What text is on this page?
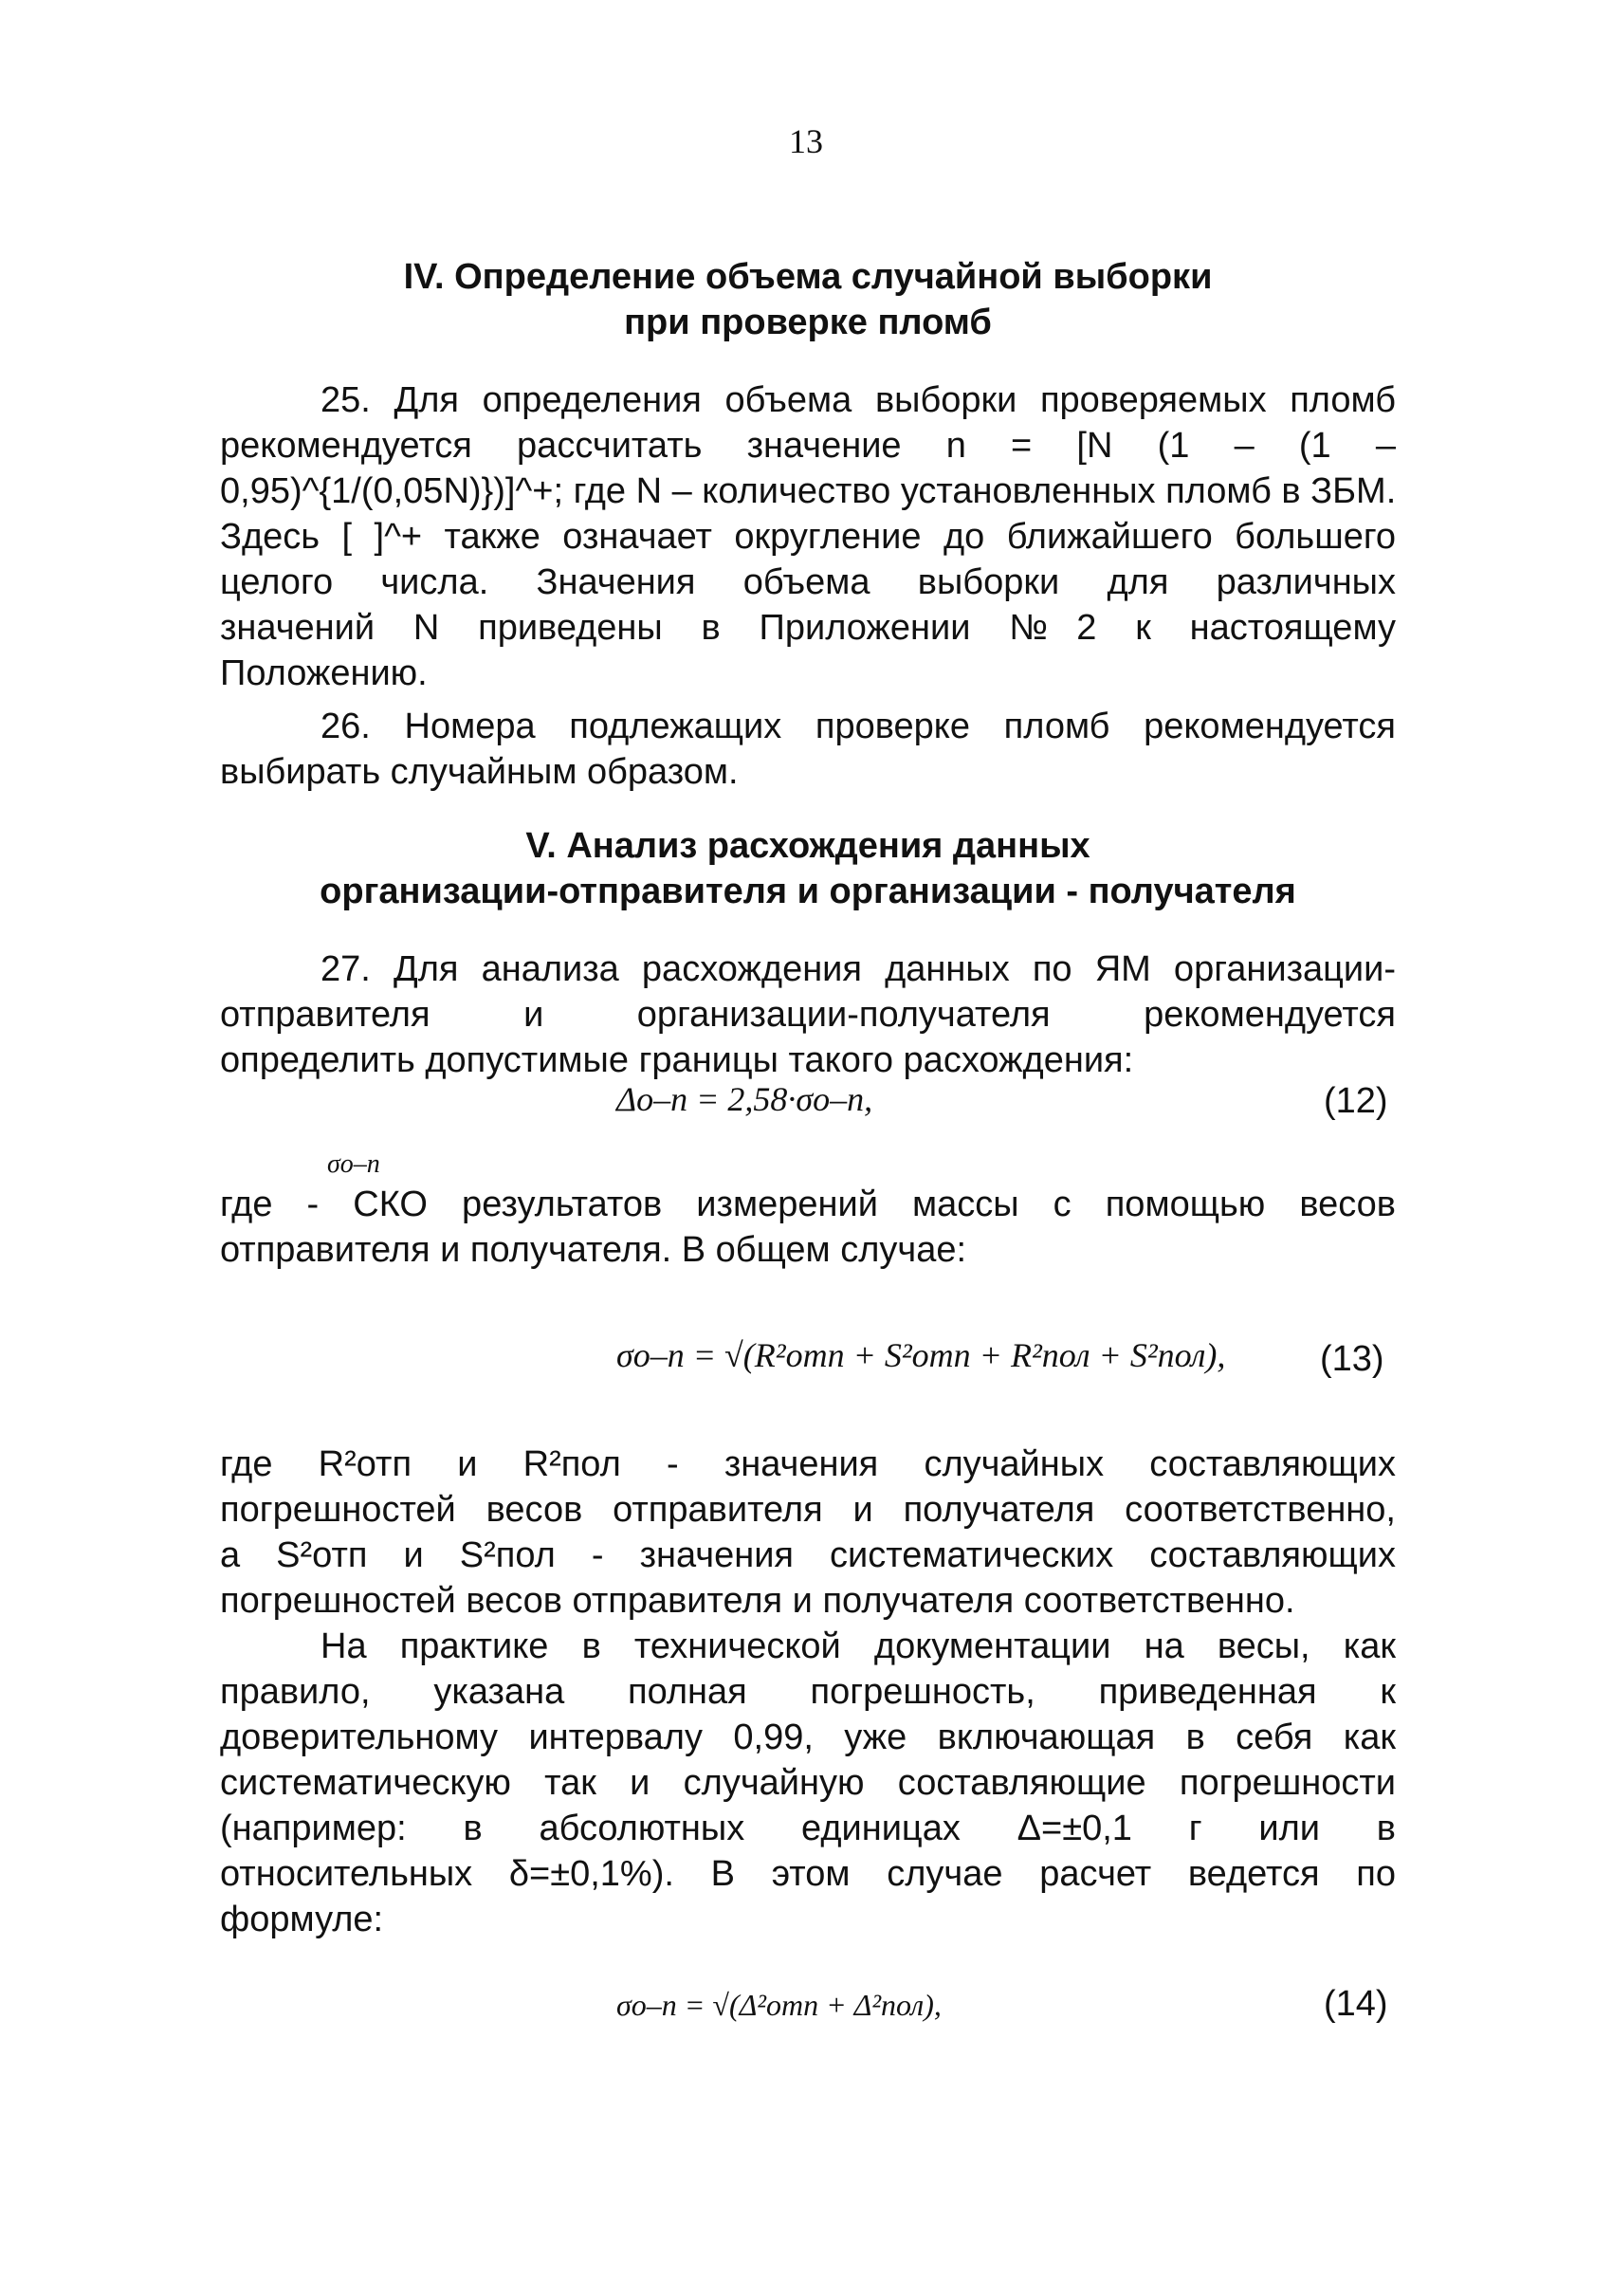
13
IV. Определение объема случайной выборки
при проверке пломб
25. Для определения объема выборки проверяемых пломб
рекомендуется рассчитать значение n = [N (1 – (1 –
0,95)^{1/(0,05N)})]^+; где N – количество установленных пломб в ЗБМ.
Здесь [ ]^+ также означает округление до ближайшего большего
целого числа. Значения объема выборки для различных
значений N приведены в Приложении №2 к настоящему
Положению.
26. Номера подлежащих проверке пломб рекомендуется
выбирать случайным образом.
V. Анализ расхождения данных
организации-отправителя и организации - получателя
27. Для анализа расхождения данных по ЯМ организации-
отправителя и организации-получателя рекомендуется
определить допустимые границы такого расхождения:
Δо–п = 2,58·σо–п,	(12)
σо–п
где - СКО результатов измерений массы с помощью весов
отправителя и получателя. В общем случае:
σо–п = √(R²отп + S²отп + R²пол + S²пол),	(13)
где R²отп и R²пол - значения случайных составляющих
погрешностей весов отправителя и получателя соответственно,
а S²отп и S²пол - значения систематических составляющих
погрешностей весов отправителя и получателя соответственно.
На практике в технической документации на весы, как
правило, указана полная погрешность, приведенная к
доверительному интервалу 0,99, уже включающая в себя как
систематическую так и случайную составляющие погрешности
(например: в абсолютных единицах Δ=±0,1 г или в
относительных δ=±0,1%). В этом случае расчет ведется по
формуле:
σо–п = √(Δ²отп + Δ²пол),	(14)
